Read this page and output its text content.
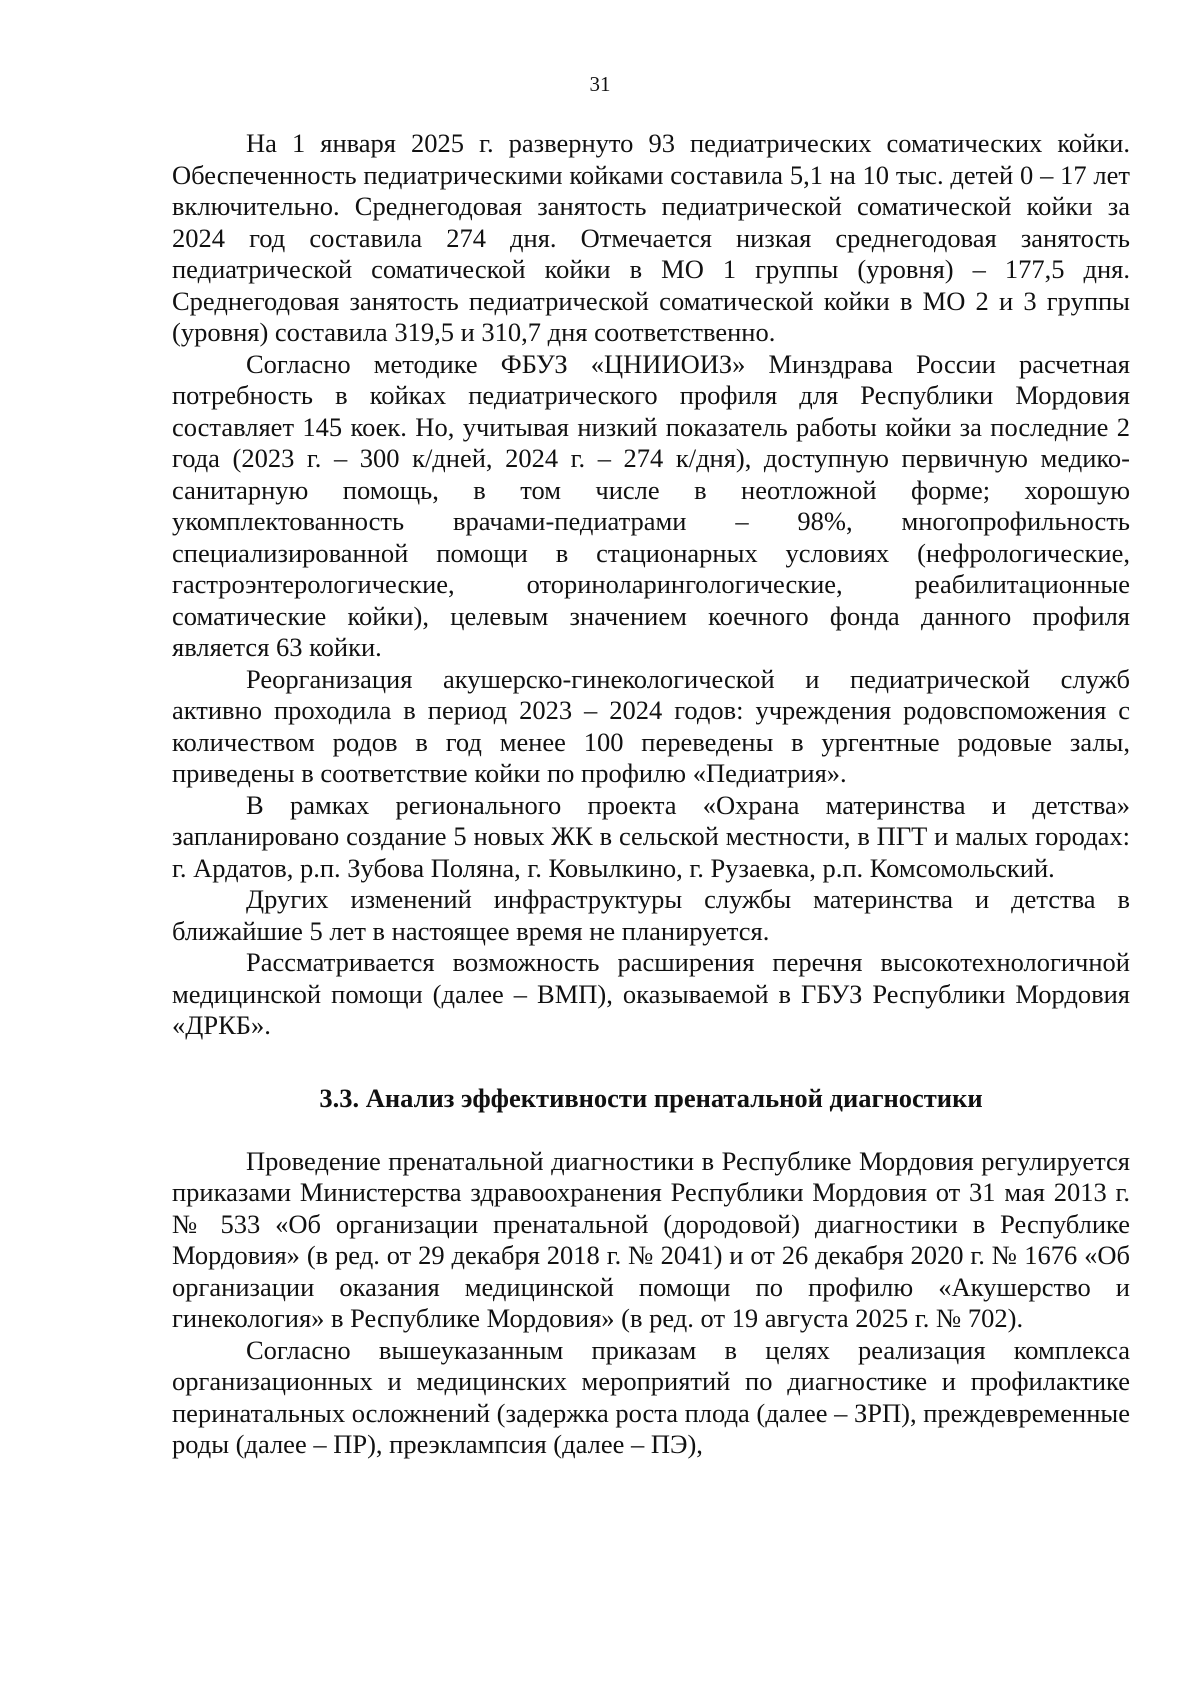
31

На 1 января 2025 г. развернуто 93 педиатрических соматических койки. Обеспеченность педиатрическими койками составила 5,1 на 10 тыс. детей 0 – 17 лет включительно. Среднегодовая занятость педиатрической соматической койки за 2024 год составила 274 дня. Отмечается низкая среднегодовая занятость педиатрической соматической койки в МО 1 группы (уровня) – 177,5 дня. Среднегодовая занятость педиатрической соматической койки в МО 2 и 3 группы (уровня) составила 319,5 и 310,7 дня соответственно.

Согласно методике ФБУЗ «ЦНИИОИЗ» Минздрава России расчетная потребность в койках педиатрического профиля для Республики Мордовия составляет 145 коек. Но, учитывая низкий показатель работы койки за последние 2 года (2023 г. – 300 к/дней, 2024 г. – 274 к/дня), доступную первичную медико-санитарную помощь, в том числе в неотложной форме; хорошую укомплектованность врачами-педиатрами – 98%, многопрофильность специализированной помощи в стационарных условиях (нефрологические, гастроэнтерологические, оториноларингологические, реабилитационные соматические койки), целевым значением коечного фонда данного профиля является 63 койки.

Реорганизация акушерско-гинекологической и педиатрической служб активно проходила в период 2023 – 2024 годов: учреждения родовспоможения с количеством родов в год менее 100 переведены в ургентные родовые залы, приведены в соответствие койки по профилю «Педиатрия».

В рамках регионального проекта «Охрана материнства и детства» запланировано создание 5 новых ЖК в сельской местности, в ПГТ и малых городах: г. Ардатов, р.п. Зубова Поляна, г. Ковылкино, г. Рузаевка, р.п. Комсомольский.

Других изменений инфраструктуры службы материнства и детства в ближайшие 5 лет в настоящее время не планируется.

Рассматривается возможность расширения перечня высокотехнологичной медицинской помощи (далее – ВМП), оказываемой в ГБУЗ Республики Мордовия «ДРКБ».

3.3. Анализ эффективности пренатальной диагностики

Проведение пренатальной диагностики в Республике Мордовия регулируется приказами Министерства здравоохранения Республики Мордовия от 31 мая 2013 г. № 533 «Об организации пренатальной (дородовой) диагностики в Республике Мордовия» (в ред. от 29 декабря 2018 г. № 2041) и от 26 декабря 2020 г. № 1676 «Об организации оказания медицинской помощи по профилю «Акушерство и гинекология» в Республике Мордовия» (в ред. от 19 августа 2025 г. № 702).

Согласно вышеуказанным приказам в целях реализация комплекса организационных и медицинских мероприятий по диагностике и профилактике перинатальных осложнений (задержка роста плода (далее – ЗРП), преждевременные роды (далее – ПР), преэклампсия (далее – ПЭ),
